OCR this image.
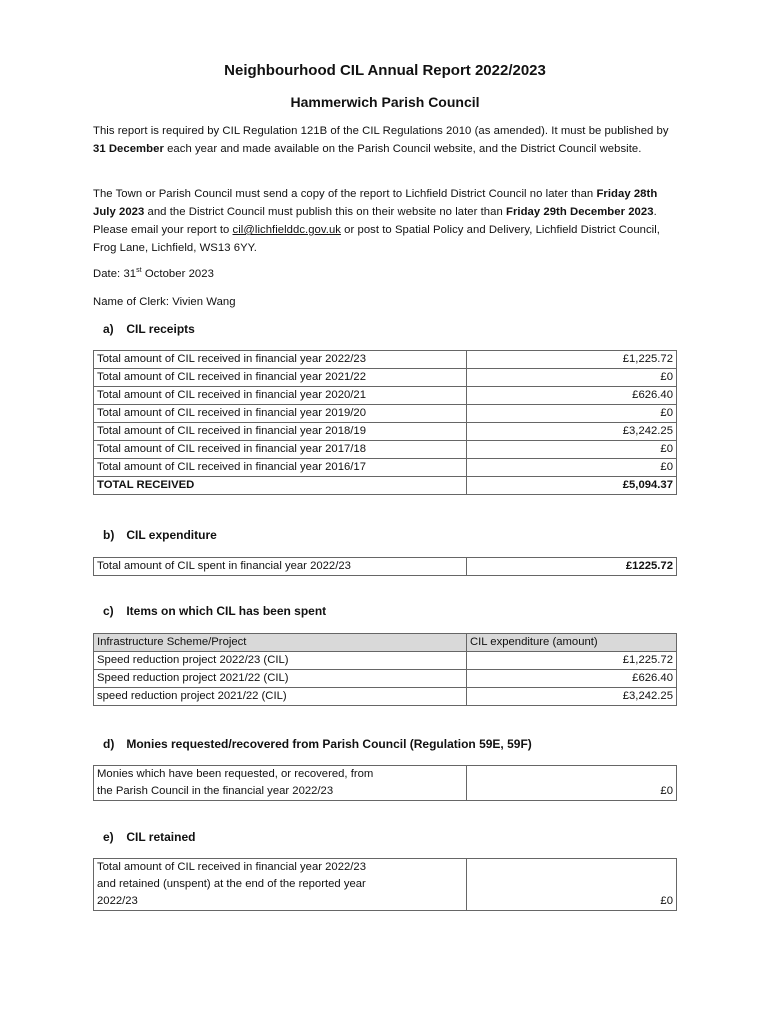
Neighbourhood CIL Annual Report 2022/2023
Hammerwich Parish Council
This report is required by CIL Regulation 121B of the CIL Regulations 2010 (as amended). It must be published by 31 December each year and made available on the Parish Council website, and the District Council website.
The Town or Parish Council must send a copy of the report to Lichfield District Council no later than Friday 28th July 2023 and the District Council must publish this on their website no later than Friday 29th December 2023. Please email your report to cil@lichfielddc.gov.uk or post to Spatial Policy and Delivery, Lichfield District Council, Frog Lane, Lichfield, WS13 6YY.
Date: 31st October 2023
Name of Clerk: Vivien Wang
a) CIL receipts
Total amount of CIL received in financial year 2022/23	£1,225.72
Total amount of CIL received in financial year 2021/22	£0
Total amount of CIL received in financial year 2020/21	£626.40
Total amount of CIL received in financial year 2019/20	£0
Total amount of CIL received in financial year 2018/19	£3,242.25
Total amount of CIL received in financial year 2017/18	£0
Total amount of CIL received in financial year 2016/17	£0
TOTAL RECEIVED	£5,094.37
b) CIL expenditure
Total amount of CIL spent in financial year 2022/23	£1225.72
c) Items on which CIL has been spent
Infrastructure Scheme/Project	CIL expenditure (amount)
Speed reduction project 2022/23 (CIL)	£1,225.72
Speed reduction project 2021/22 (CIL)	£626.40
speed reduction project 2021/22 (CIL)	£3,242.25
d) Monies requested/recovered from Parish Council (Regulation 59E, 59F)
Monies which have been requested, or recovered, from
the Parish Council in the financial year 2022/23	£0
e) CIL retained
Total amount of CIL received in financial year 2022/23
and retained (unspent) at the end of the reported year
2022/23	£0
